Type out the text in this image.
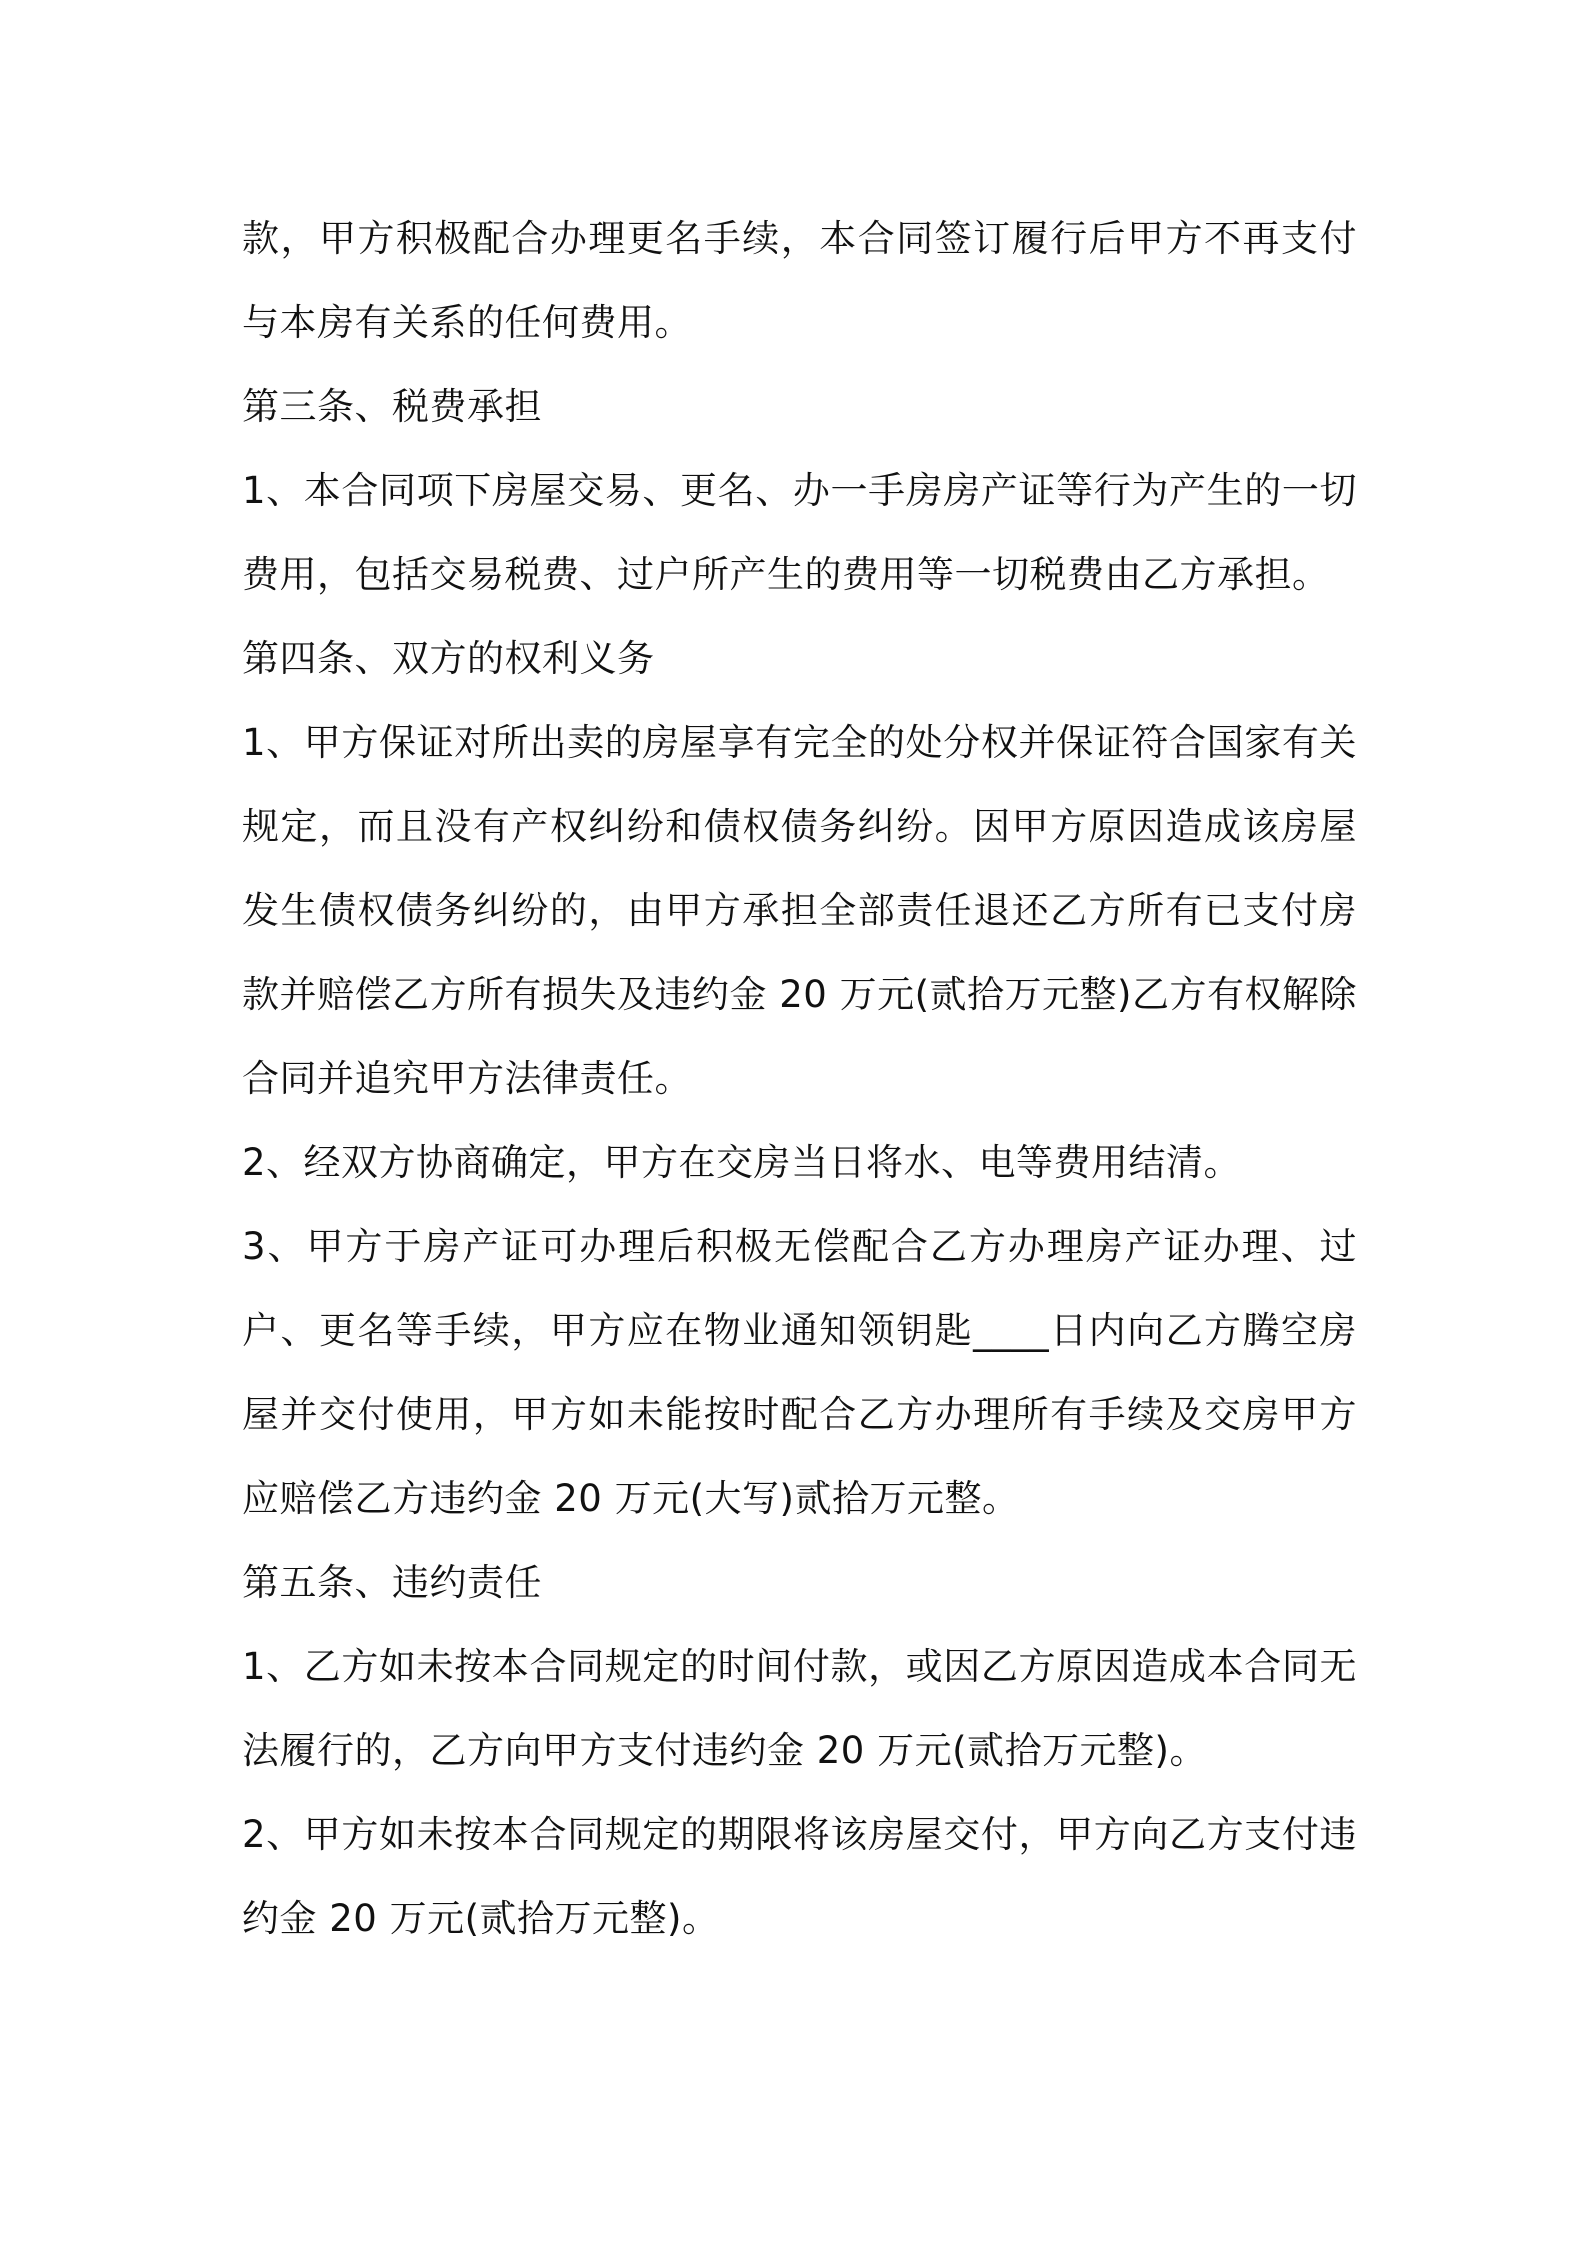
款，甲方积极配合办理更名手续，本合同签订履行后甲方不再支付与本房有关系的任何费用。

第三条、税费承担

1、本合同项下房屋交易、更名、办一手房房产证等行为产生的一切费用，包括交易税费、过户所产生的费用等一切税费由乙方承担。

第四条、双方的权利义务

1、甲方保证对所出卖的房屋享有完全的处分权并保证符合国家有关规定，而且没有产权纠纷和债权债务纠纷。因甲方原因造成该房屋发生债权债务纠纷的，由甲方承担全部责任退还乙方所有已支付房款并赔偿乙方所有损失及违约金 20 万元(贰拾万元整)乙方有权解除合同并追究甲方法律责任。

2、经双方协商确定，甲方在交房当日将水、电等费用结清。

3、甲方于房产证可办理后积极无偿配合乙方办理房产证办理、过户、更名等手续，甲方应在物业通知领钥匙____日内向乙方腾空房屋并交付使用，甲方如未能按时配合乙方办理所有手续及交房甲方应赔偿乙方违约金 20 万元(大写)贰拾万元整。

第五条、违约责任

1、乙方如未按本合同规定的时间付款，或因乙方原因造成本合同无法履行的，乙方向甲方支付违约金 20 万元(贰拾万元整)。

2、甲方如未按本合同规定的期限将该房屋交付，甲方向乙方支付违约金 20 万元(贰拾万元整)。
